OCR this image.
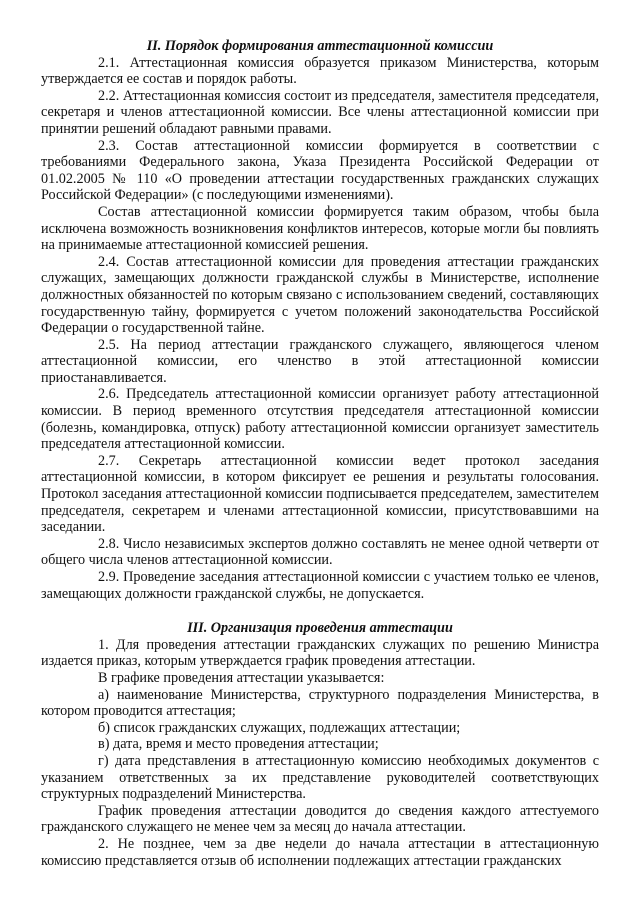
II. Порядок формирования аттестационной комиссии

2.1. Аттестационная комиссия образуется приказом Министерства, которым утверждается ее состав и порядок работы.

2.2. Аттестационная комиссия состоит из председателя, заместителя председателя, секретаря и членов аттестационной комиссии. Все члены аттестационной комиссии при принятии решений обладают равными правами.

2.3. Состав аттестационной комиссии формируется в соответствии с требованиями Федерального закона, Указа Президента Российской Федерации от 01.02.2005 № 110 «О проведении аттестации государственных гражданских служащих Российской Федерации» (с последующими изменениями).

Состав аттестационной комиссии формируется таким образом, чтобы была исключена возможность возникновения конфликтов интересов, которые могли бы повлиять на принимаемые аттестационной комиссией решения.

2.4. Состав аттестационной комиссии для проведения аттестации гражданских служащих, замещающих должности гражданской службы в Министерстве, исполнение должностных обязанностей по которым связано с использованием сведений, составляющих государственную тайну, формируется с учетом положений законодательства Российской Федерации о государственной тайне.

2.5. На период аттестации гражданского служащего, являющегося членом аттестационной комиссии, его членство в этой аттестационной комиссии приостанавливается.

2.6. Председатель аттестационной комиссии организует работу аттестационной комиссии. В период временного отсутствия председателя аттестационной комиссии (болезнь, командировка, отпуск) работу аттестационной комиссии организует заместитель председателя аттестационной комиссии.

2.7. Секретарь аттестационной комиссии ведет протокол заседания аттестационной комиссии, в котором фиксирует ее решения и результаты голосования. Протокол заседания аттестационной комиссии подписывается председателем, заместителем председателя, секретарем и членами аттестационной комиссии, присутствовавшими на заседании.

2.8. Число независимых экспертов должно составлять не менее одной четверти от общего числа членов аттестационной комиссии.

2.9. Проведение заседания аттестационной комиссии с участием только ее членов, замещающих должности гражданской службы, не допускается.

III. Организация проведения аттестации

1. Для проведения аттестации гражданских служащих по решению Министра издается приказ, которым утверждается график проведения аттестации.

В графике проведения аттестации указывается:

а) наименование Министерства, структурного подразделения Министерства, в котором проводится аттестация;

б) список гражданских служащих, подлежащих аттестации;

в) дата, время и место проведения аттестации;

г) дата представления в аттестационную комиссию необходимых документов с указанием ответственных за их представление руководителей соответствующих структурных подразделений Министерства.

График проведения аттестации доводится до сведения каждого аттестуемого гражданского служащего не менее чем за месяц до начала аттестации.

2. Не позднее, чем за две недели до начала аттестации в аттестационную комиссию представляется отзыв об исполнении подлежащих аттестации гражданских
